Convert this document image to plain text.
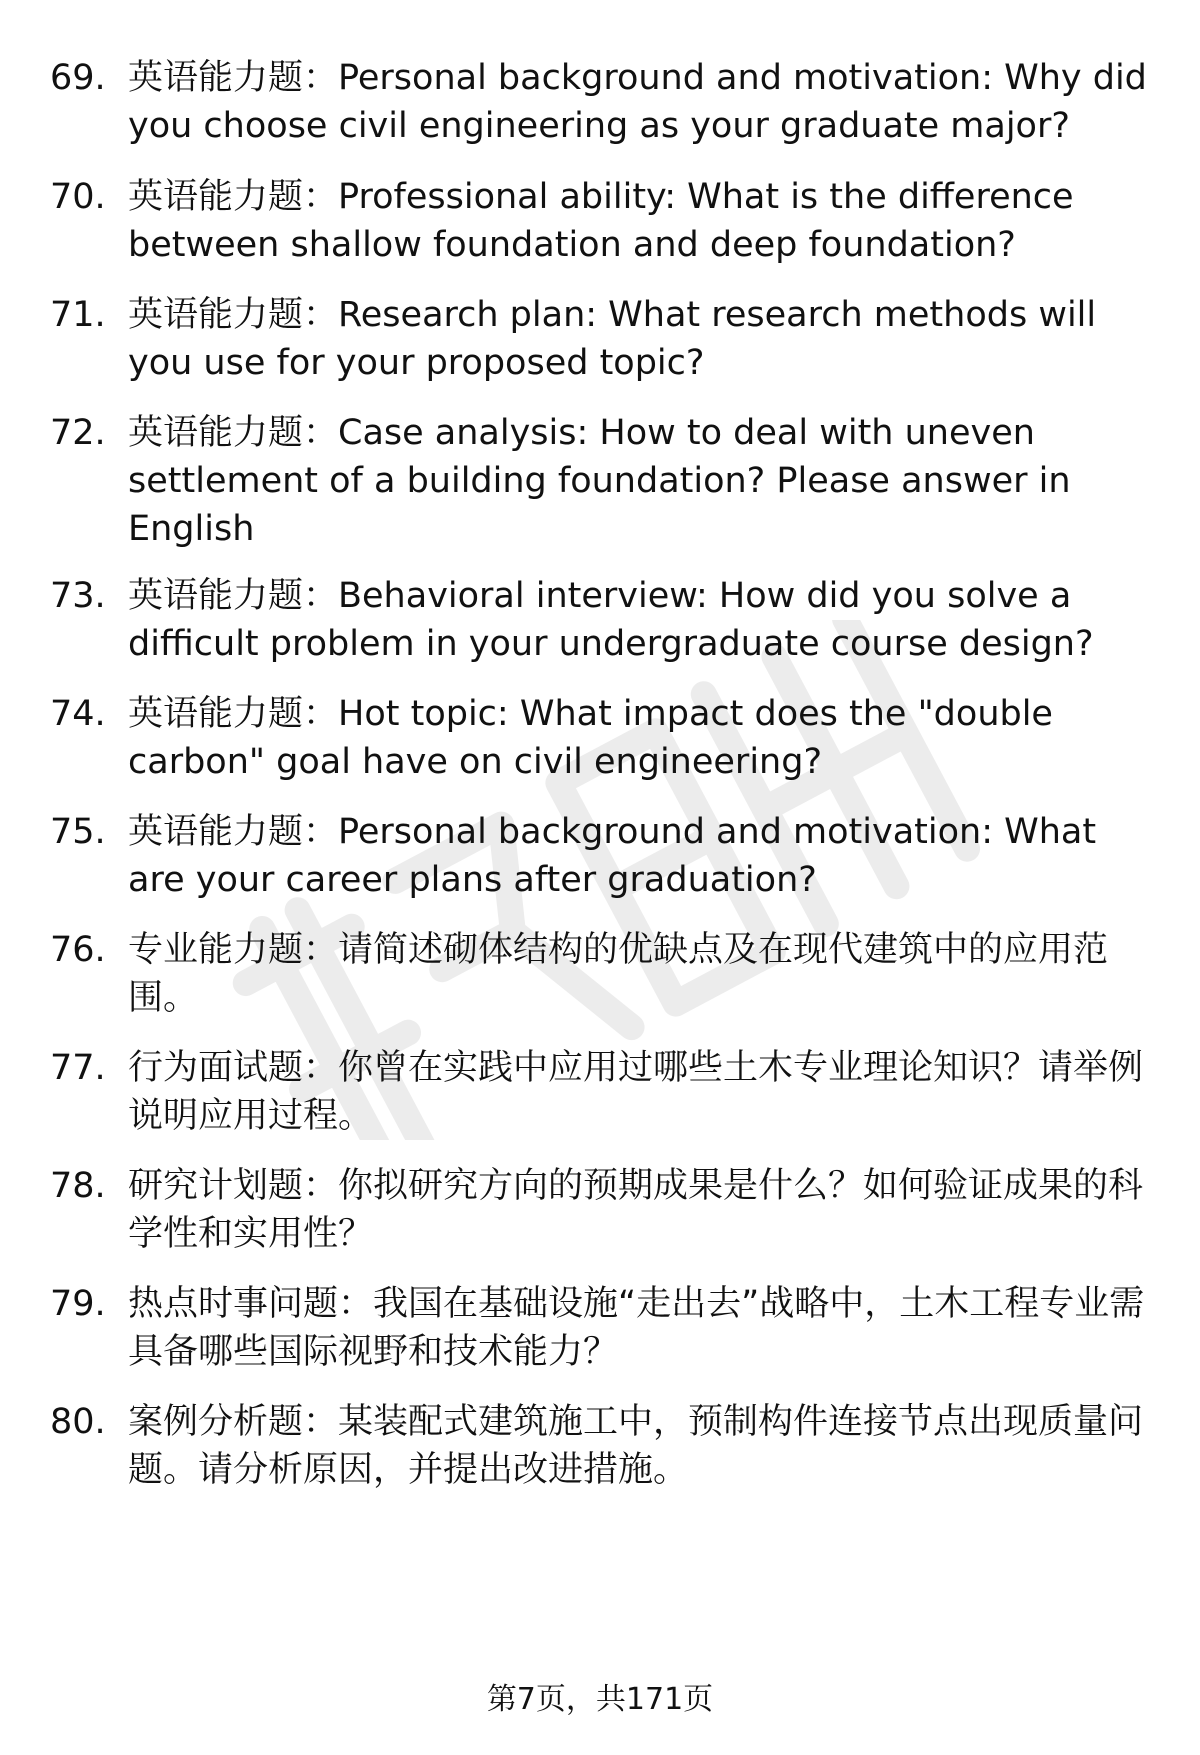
69. 英语能力题：Personal background and motivation: Why did you choose civil engineering as your graduate major?
70. 英语能力题：Professional ability: What is the difference between shallow foundation and deep foundation?
71. 英语能力题：Research plan: What research methods will you use for your proposed topic?
72. 英语能力题：Case analysis: How to deal with uneven settlement of a building foundation? Please answer in English
73. 英语能力题：Behavioral interview: How did you solve a difficult problem in your undergraduate course design?
74. 英语能力题：Hot topic: What impact does the "double carbon" goal have on civil engineering?
75. 英语能力题：Personal background and motivation: What are your career plans after graduation?
76. 专业能力题：请简述砌体结构的优缺点及在现代建筑中的应用范围。
77. 行为面试题：你曾在实践中应用过哪些土木专业理论知识？请举例说明应用过程。
78. 研究计划题：你拟研究方向的预期成果是什么？如何验证成果的科学性和实用性？
79. 热点时事问题：我国在基础设施“走出去”战略中，土木工程专业需具备哪些国际视野和技术能力？
80. 案例分析题：某装配式建筑施工中，预制构件连接节点出现质量问题。请分析原因，并提出改进措施。
第7页，共171页
